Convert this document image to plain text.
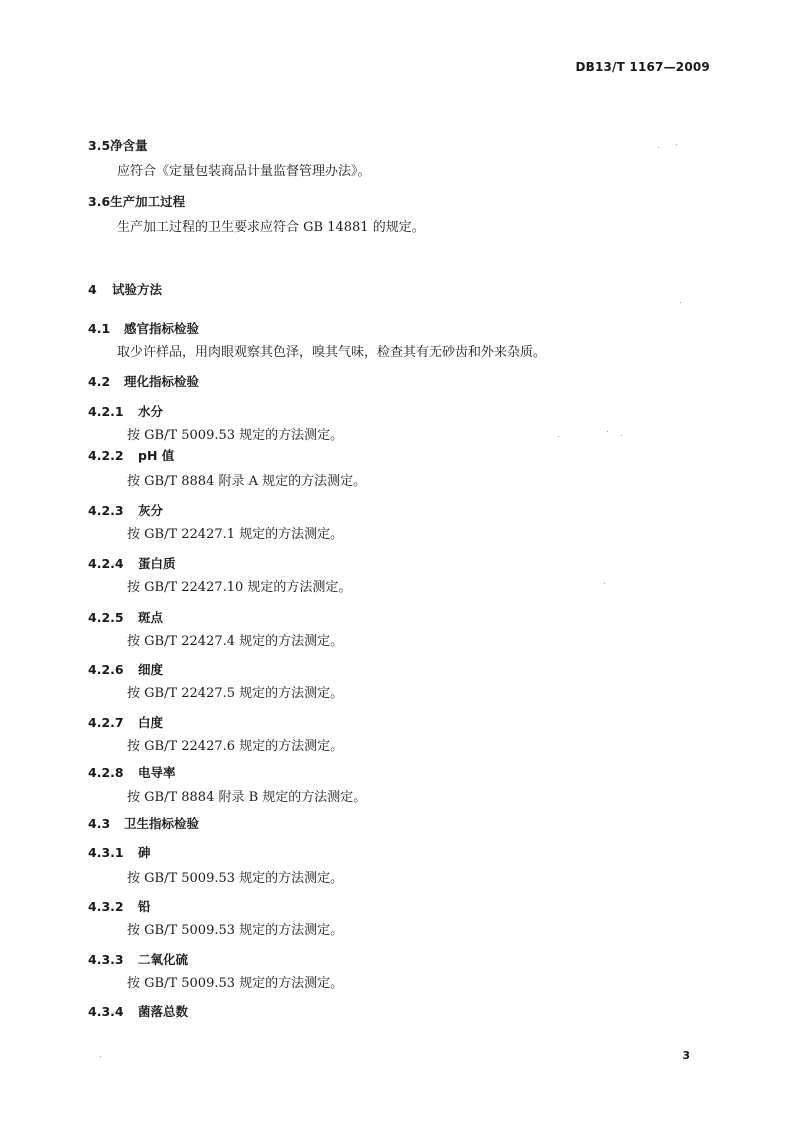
DB13/T 1167—2009
3.5净含量
应符合《定量包装商品计量监督管理办法》。
3.6生产加工过程
生产加工过程的卫生要求应符合 GB 14881 的规定。
4 试验方法
4.1 感官指标检验
取少许样品，用肉眼观察其色泽，嗅其气味，检查其有无砂齿和外来杂质。
4.2 理化指标检验
4.2.1 水分
按 GB/T 5009.53 规定的方法测定。
4.2.2 pH 值
按 GB/T 8884 附录 A 规定的方法测定。
4.2.3 灰分
按 GB/T 22427.1 规定的方法测定。
4.2.4 蛋白质
按 GB/T 22427.10 规定的方法测定。
4.2.5 斑点
按 GB/T 22427.4 规定的方法测定。
4.2.6 细度
按 GB/T 22427.5 规定的方法测定。
4.2.7 白度
按 GB/T 22427.6 规定的方法测定。
4.2.8 电导率
按 GB/T 8884 附录 B 规定的方法测定。
4.3 卫生指标检验
4.3.1 砷
按 GB/T 5009.53 规定的方法测定。
4.3.2 铅
按 GB/T 5009.53 规定的方法测定。
4.3.3 二氧化硫
按 GB/T 5009.53 规定的方法测定。
4.3.4 菌落总数
3
